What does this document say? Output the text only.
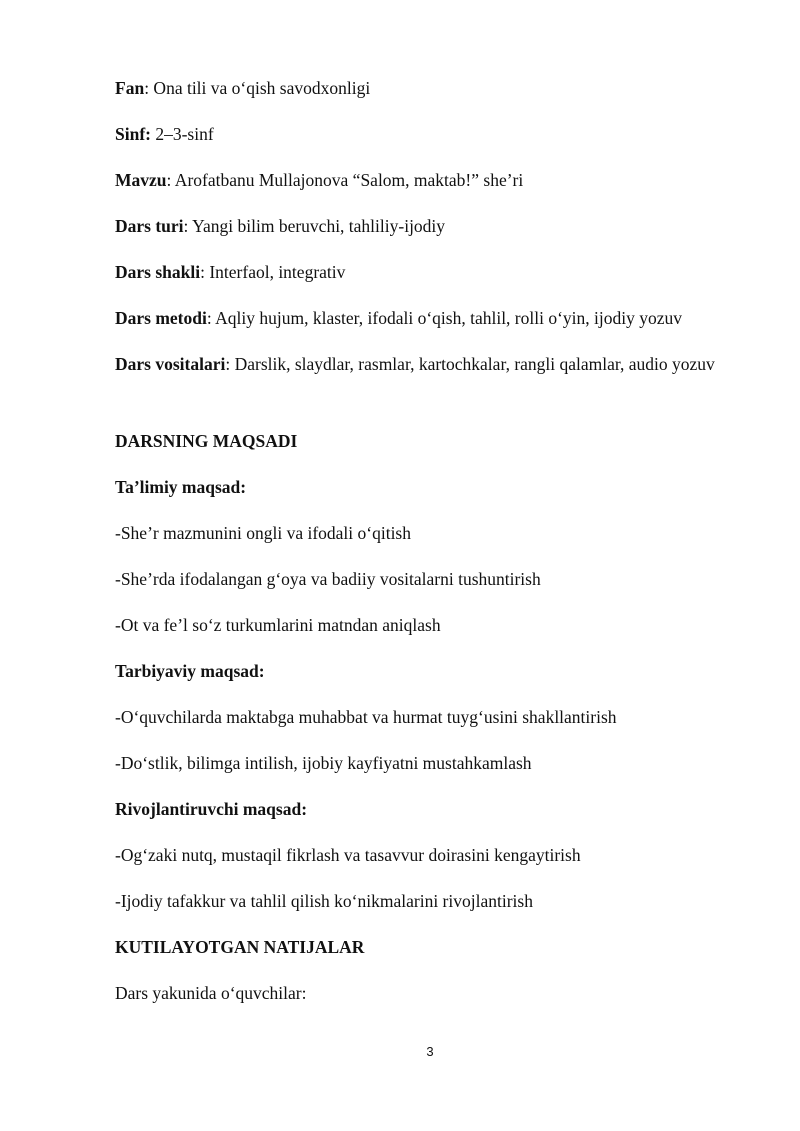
Fan: Ona tili va o‘qish savodxonligi
Sinf: 2–3-sinf
Mavzu: Arofatbanu Mullajonova “Salom, maktab!” she’ri
Dars turi: Yangi bilim beruvchi, tahliliy-ijodiy
Dars shakli: Interfaol, integrativ
Dars metodi: Aqliy hujum, klaster, ifodali o‘qish, tahlil, rolli o‘yin, ijodiy yozuv
Dars vositalari: Darslik, slaydlar, rasmlar, kartochkalar, rangli qalamlar, audio yozuv
DARSNING MAQSADI
Ta’limiy maqsad:
-She’r mazmunini ongli va ifodali o‘qitish
-She’rda ifodalangan g‘oya va badiiy vositalarni tushuntirish
-Ot va fe’l so‘z turkumlarini matndan aniqlash
Tarbiyaviy maqsad:
-O‘quvchilarda maktabga muhabbat va hurmat tuyg‘usini shakllantirish
-Do‘stlik, bilimga intilish, ijobiy kayfiyatni mustahkamlash
Rivojlantiruvchi maqsad:
-Og‘zaki nutq, mustaqil fikrlash va tasavvur doirasini kengaytirish
-Ijodiy tafakkur va tahlil qilish ko‘nikmalarini rivojlantirish
KUTILAYOTGAN NATIJALAR
Dars yakunida o‘quvchilar:
3
